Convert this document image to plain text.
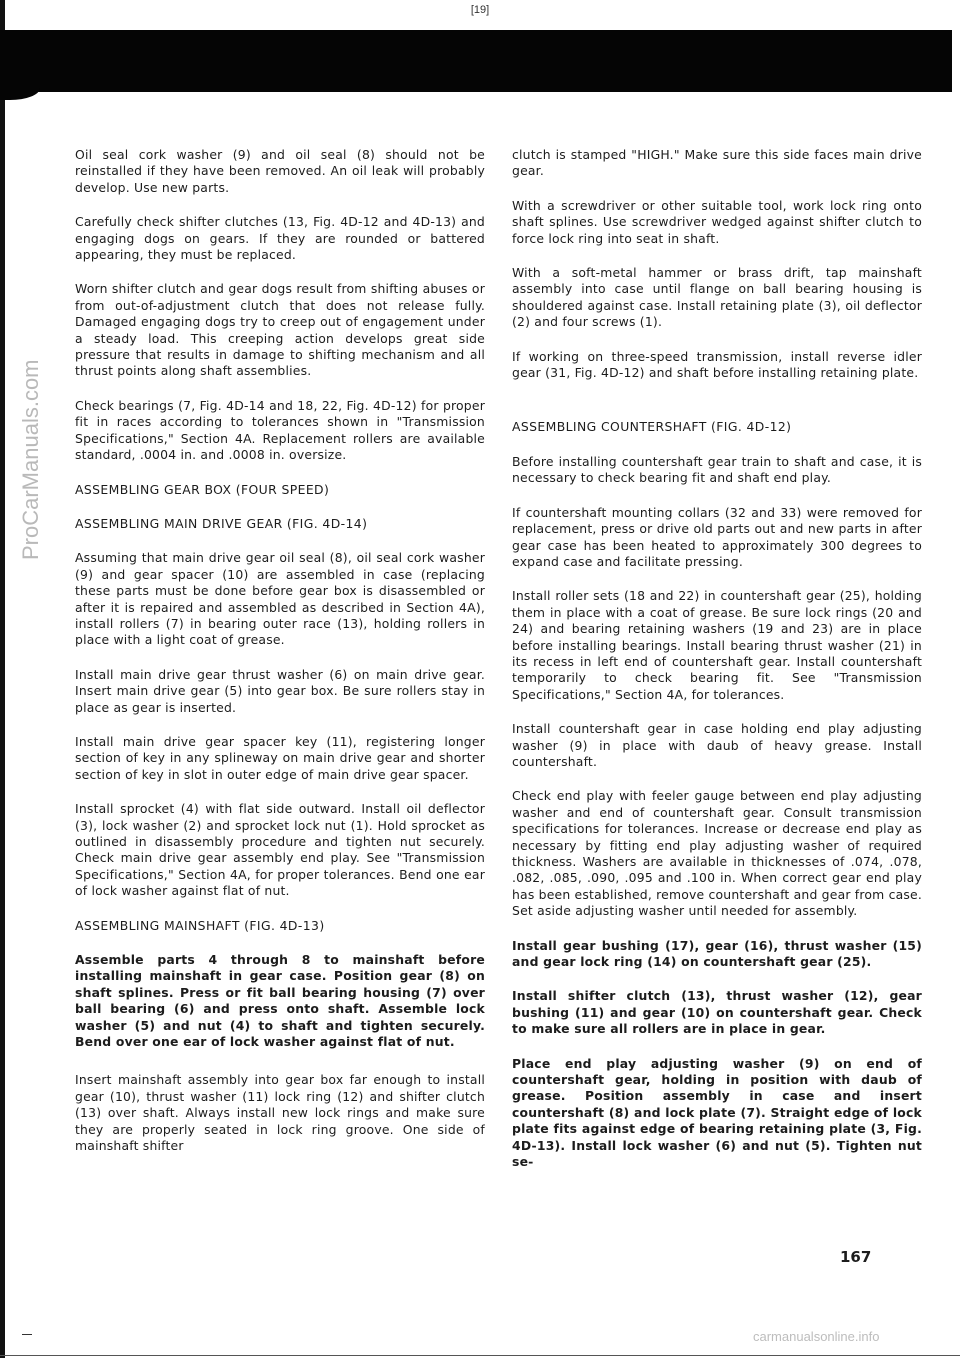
[19]
ProCarManuals.com

Oil seal cork washer (9) and oil seal (8) should not be reinstalled if they have been removed. An oil leak will probably develop. Use new parts.

Carefully check shifter clutches (13, Fig. 4D-12 and 4D-13) and engaging dogs on gears. If they are rounded or battered appearing, they must be replaced.

Worn shifter clutch and gear dogs result from shifting abuses or from out-of-adjustment clutch that does not release fully. Damaged engaging dogs try to creep out of engagement under a steady load. This creeping action develops great side pressure that results in damage to shifting mechanism and all thrust points along shaft assemblies.

Check bearings (7, Fig. 4D-14 and 18, 22, Fig. 4D-12) for proper fit in races according to tolerances shown in "Transmission Specifications," Section 4A. Replacement rollers are available standard, .0004 in. and .0008 in. oversize.

ASSEMBLING GEAR BOX (FOUR SPEED)
ASSEMBLING MAIN DRIVE GEAR (FIG. 4D-14)

Assuming that main drive gear oil seal (8), oil seal cork washer (9) and gear spacer (10) are assembled in case (replacing these parts must be done before gear box is disassembled or after it is repaired and assembled as described in Section 4A), install rollers (7) in bearing outer race (13), holding rollers in place with a light coat of grease.

Install main drive gear thrust washer (6) on main drive gear. Insert main drive gear (5) into gear box. Be sure rollers stay in place as gear is inserted.

Install main drive gear spacer key (11), registering longer section of key in any splineway on main drive gear and shorter section of key in slot in outer edge of main drive gear spacer.

Install sprocket (4) with flat side outward. Install oil deflector (3), lock washer (2) and sprocket lock nut (1). Hold sprocket as outlined in disassembly procedure and tighten nut securely. Check main drive gear assembly end play. See "Transmission Specifications," Section 4A, for proper tolerances. Bend one ear of lock washer against flat of nut.

ASSEMBLING MAINSHAFT (FIG. 4D-13)

Assemble parts 4 through 8 to mainshaft before installing mainshaft in gear case. Position gear (8) on shaft splines. Press or fit ball bearing housing (7) over ball bearing (6) and press onto shaft. Assemble lock washer (5) and nut (4) to shaft and tighten securely. Bend over one ear of lock washer against flat of nut.

Insert mainshaft assembly into gear box far enough to install gear (10), thrust washer (11) lock ring (12) and shifter clutch (13) over shaft. Always install new lock rings and make sure they are properly seated in lock ring groove. One side of mainshaft shifter

clutch is stamped "HIGH." Make sure this side faces main drive gear.

With a screwdriver or other suitable tool, work lock ring onto shaft splines. Use screwdriver wedged against shifter clutch to force lock ring into seat in shaft.

With a soft-metal hammer or brass drift, tap mainshaft assembly into case until flange on ball bearing housing is shouldered against case. Install retaining plate (3), oil deflector (2) and four screws (1).

If working on three-speed transmission, install reverse idler gear (31, Fig. 4D-12) and shaft before installing retaining plate.

ASSEMBLING COUNTERSHAFT (FIG. 4D-12)

Before installing countershaft gear train to shaft and case, it is necessary to check bearing fit and shaft end play.

If countershaft mounting collars (32 and 33) were removed for replacement, press or drive old parts out and new parts in after gear case has been heated to approximately 300 degrees to expand case and facilitate pressing.

Install roller sets (18 and 22) in countershaft gear (25), holding them in place with a coat of grease. Be sure lock rings (20 and 24) and bearing retaining washers (19 and 23) are in place before installing bearings. Install bearing thrust washer (21) in its recess in left end of countershaft gear. Install countershaft temporarily to check bearing fit. See "Transmission Specifications," Section 4A, for tolerances.

Install countershaft gear in case holding end play adjusting washer (9) in place with daub of heavy grease. Install countershaft.

Check end play with feeler gauge between end play adjusting washer and end of countershaft gear. Consult transmission specifications for tolerances. Increase or decrease end play as necessary by fitting end play adjusting washer of required thickness. Washers are available in thicknesses of .074, .078, .082, .085, .090, .095 and .100 in. When correct gear end play has been established, remove countershaft and gear from case. Set aside adjusting washer until needed for assembly.

Install gear bushing (17), gear (16), thrust washer (15) and gear lock ring (14) on countershaft gear (25).

Install shifter clutch (13), thrust washer (12), gear bushing (11) and gear (10) on countershaft gear. Check to make sure all rollers are in place in gear.

Place end play adjusting washer (9) on end of countershaft gear, holding in position with daub of grease. Position assembly in case and insert countershaft (8) and lock plate (7). Straight edge of lock plate fits against edge of bearing retaining plate (3, Fig. 4D-13). Install lock washer (6) and nut (5). Tighten nut se-

167
carmanualsonline.info
